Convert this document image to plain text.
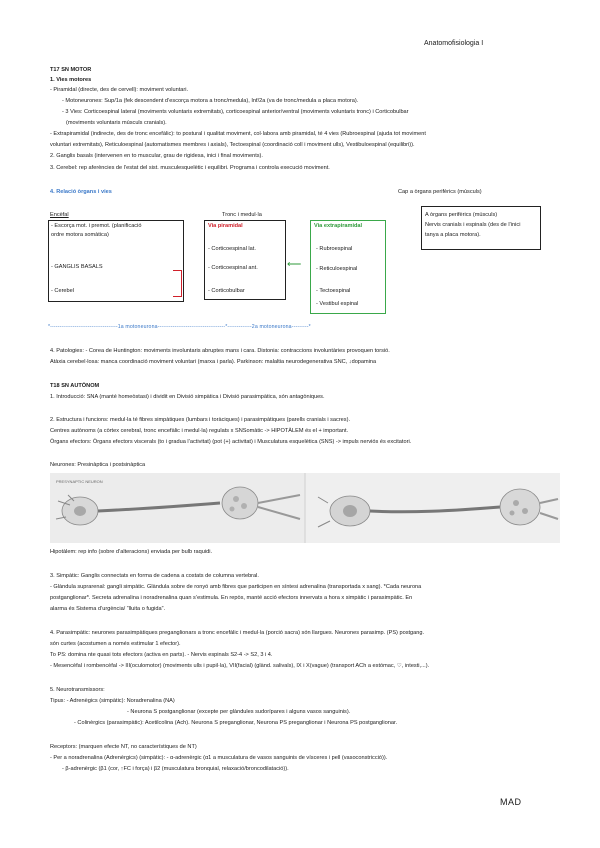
Anatomofisiologia I
T17 SN MOTOR
1. Vies motores
- Piramidal (directe, des de cervell): moviment voluntari.
- Motoneurones: Sup/1a (fek descendent d’escorça motora a tronc/medula), Inf/2a (va de tronc/medula a placa motora).
- 3 Vies: Corticoespinal lateral (moviments voluntaris extremitats), corticoespinal anterior/ventral (moviments voluntaris tronc) i Corticobulbar
(moviments voluntaris músculs cranials).
- Extrapiramidal (indirecte, des de tronc encefàlic): to postural i qualitat moviment, col·labora amb piramidal, té 4 vies (Rubroespinal (ajuda tot moviment
voluntari extremitats), Reticuloespinal (automatismes membres i axials), Tectoespinal (coordinació coll i moviment ulls), Vestibuloespinal (equilibri)).
2. Ganglis basals (intervenen en to muscular, grau de rigidesa, inici i final moviments).
3. Cerebel: rep aferències de l’estat del sist. musculesquelètic i equilibri. Programa i controla execució moviment.
4. Relació òrgans i vies	Cap a òrgans perifèrics (músculs)
Encèfal	Tronc i medul·la
- Escorça mot. i premot. (planificació
ordre motora somàtica)
- GANGLIS BASALS
- Cerebel
Via piramidal
- Corticoespinal lat.
- Corticoespinal ant.
- Corticobulbar
⟵
Via extrapiramidal
- Rubroespinal
- Reticuloespinal
- Tectoespinal
- Vestibul espinal
A òrgans perifèrics (músculs)
Nervis cranials i espinals (des de l’inici
tanya a placa motora).
*------------------------------------1a motoneurona------------------------------------*-------------2a motoneurona---------*
4. Patologies: - Corea de Huntington: moviments involuntaris abruptes mans i cara. Distonia: contraccions involuntàries provoquen torsió.
Atàxia cerebel·losa: manca coordinació moviment voluntari (marxa i parla). Parkinson: malaltia neurodegenerativa SNC, ↓dopamina
T18 SN AUTÒNOM
1. Introducció: SNA (manté homeòstasi) i dividit en Divisió simpàtica i Divisió parasimpàtica, són antagòniques.
2. Estructura i funcions: medul·la té fibres simpàtiques (lumbars i toràciques) i parasimpàtiques (parells cranials i sacres).
Centres autònoms (a còrtex cerebral, tronc encefàlic i medul·la) regulats x SNSomàtic -> HIPOTÀLEM és el + important.
Òrgans efectors: Òrgans efectors viscerals (to i gradua l’activitat) (pot (+) activitat) i Musculatura esquelètica (SNS) -> impuls nerviós és excitatori.
Neurones: Presinàptica i postsinàptica
PRESYNAPTIC NEURON
Hipotàlem: rep info (sobre d’alteracions) enviada per bulb raquidi.
3. Simpàtic: Ganglis connectats en forma de cadena a costats de columna vertebral.
- Glàndula suprarenal: gangli simpàtic. Glàndula sobre de ronyó amb fibres que participen en síntesi adrenalina (transportada x sang). *Cada neurona
postganglionar*. Secreta adrenalina i noradrenalina quan s’estimula. En repòs, manté acció efectors innervats a hora x simpàtic i parasimpàtic. En
alarma és Sistema d’urgència/ “lluita o fugida”.
4. Parasimpàtic: neurones parasimpàtiques preganglionars a tronc encefàlic i medul·la (porció sacra) són llargues. Neurones parasimp. (PS) postgang.
són curtes (acostumen a només estimular 1 efector).
To PS: domina nte quasi tots efectors (activa en parts). - Nervis espinals S2-4 -> S2, 3 i 4.
- Mesencèfal i rombencèfal -> III(oculomotor) (moviments ulls i pupil·la), VII(facial) (glànd. salivals), IX i X(vague) (transport ACh a estómac, ♡, intesti,...).
5. Neurotransmissors:
Tipus: - Adrenègics (simpàtic): Noradrenalina (NA)
- Neurona S postganglionar (excepte per glàndules sudorípares i alguns vasos sanguinis).
- Colinèrgics (parasimpàtic): Acetilcolina (Ach). Neurona S preganglionar, Neurona PS preganglionar i Neurona PS postganglionar.
Receptors: (marquen efecte NT, no característiques de NT)
- Per a noradrenalina (Adrenèrgics) (simpàtic): - α-adrenèrgic (α1 a musculatura de vasos sanguinis de vísceres i pell (vasoconstricció)).
- β-adrenèrgic (β1 (cor, ↑FC i força) i β2 (musculatura bronquial, relaxació/broncodilatació)).
MAD
